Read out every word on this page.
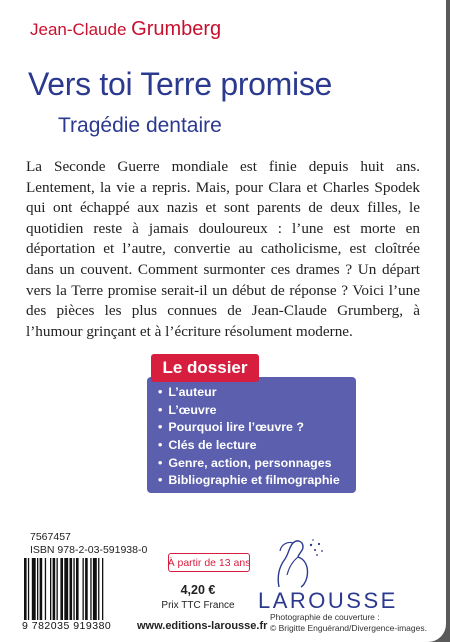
Jean-Claude Grumberg
Vers toi Terre promise
Tragédie dentaire

La Seconde Guerre mondiale est finie depuis huit ans. Lentement, la vie a repris. Mais, pour Clara et Charles Spodek qui ont échappé aux nazis et sont parents de deux filles, le quotidien reste à jamais douloureux : l’une est morte en déportation et l’autre, convertie au catholicisme, est cloîtrée dans un couvent. Comment surmonter ces drames ? Un départ vers la Terre promise serait-il un début de réponse ? Voici l’une des pièces les plus connues de Jean-Claude Grumberg, à l’humour grinçant et à l’écriture résolument moderne.

Le dossier
• L’auteur
• L’œuvre
• Pourquoi lire l’œuvre ?
• Clés de lecture
• Genre, action, personnages
• Bibliographie et filmographie
7567457
ISBN 978-2-03-591938-0
9 782035 919380
À partir de 13 ans
4,20 €
Prix TTC France
www.editions-larousse.fr
LAROUSSE
Photographie de couverture :
© Brigitte Enguérand/Divergence-images.
